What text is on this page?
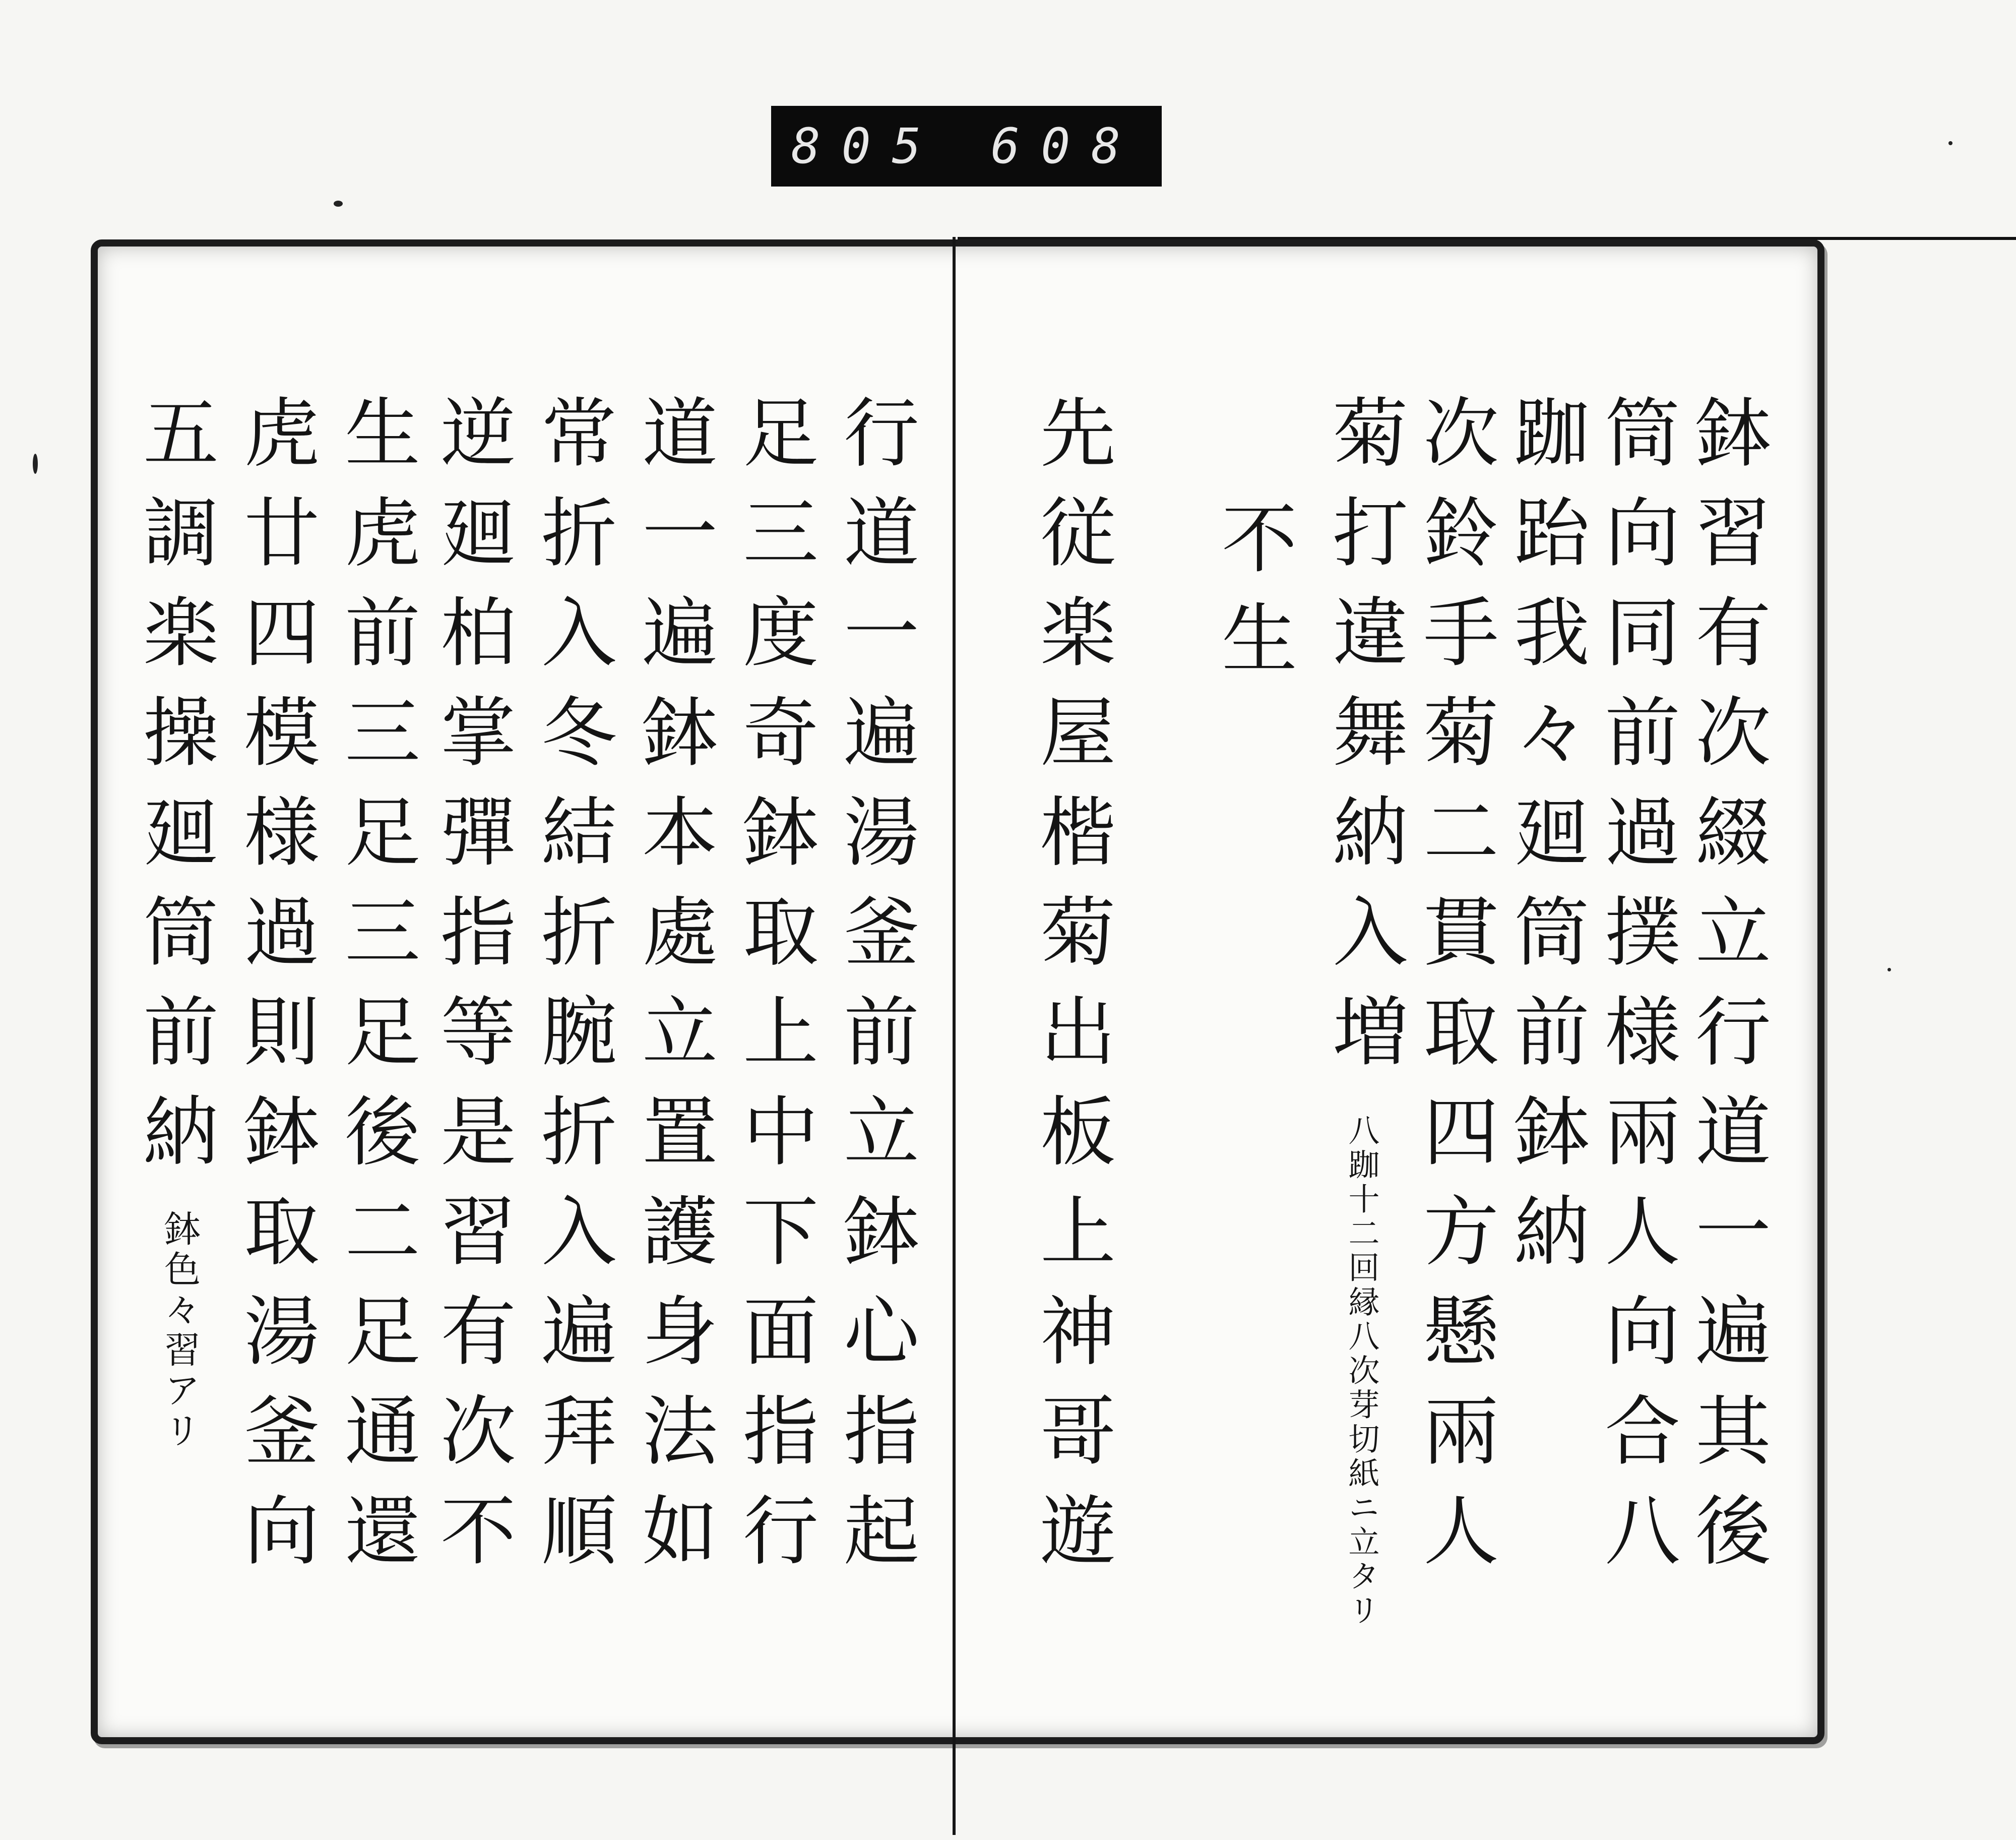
805 608
鉢習有次綴立行道一遍其後
筒向同前過撲様兩人向合八
跏跆我々廻筒前鉢納
次鈴手菊二貫取四方懸兩人
菊打違舞納入増
八跏十二回縁八次芽切紙ニ立タリ
不生
先従楽屋楷菊出板上神哥遊
行道一遍湯釜前立鉢心指起
足三度奇鉢取上中下面指行
道一遍鉢本處立置護身法如
常折入冬結折腕折入遍拜順
逆廻柏掌彈指等是習有次不
生虎前三足三足後二足通還
虎廿四模様過則鉢取湯釜向
五調楽操廻筒前納
鉢色々習アリ
